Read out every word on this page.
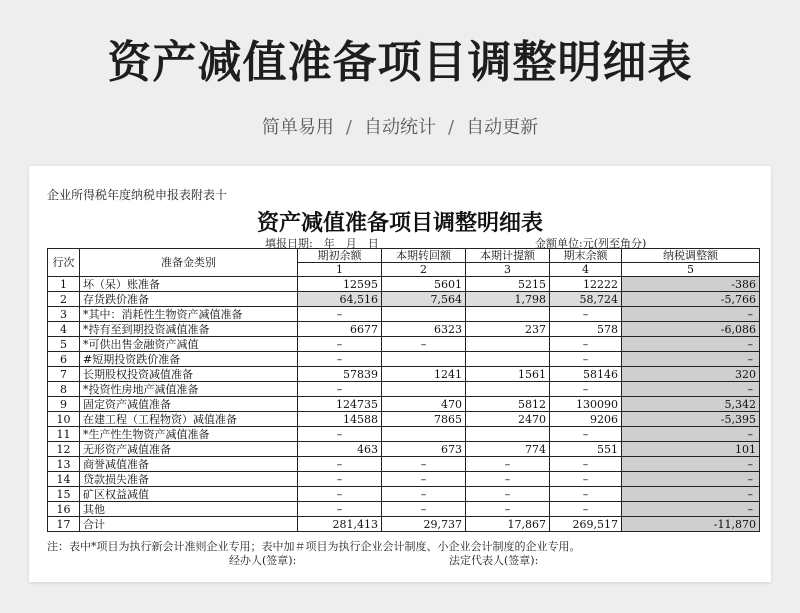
资产减值准备项目调整明细表
简单易用 / 自动统计 / 自动更新
企业所得税年度纳税申报表附表十
资产减值准备项目调整明细表
填报日期:　年　月　日	金额单位:元(列至角分)
行次	准备金类别	期初余额	本期转回额	本期计提额	期末余额	纳税调整额
		1	2	3	4	5
1	坏（呆）账准备	12595	5601	5215	12222	-386
2	存货跌价准备	64,516	7,564	1,798	58,724	-5,766
3	*其中：消耗性生物资产减值准备	–			–	–
4	*持有至到期投资减值准备	6677	6323	237	578	-6,086
5	*可供出售金融资产减值	–	–		–	–
6	#短期投资跌价准备	–			–	–
7	长期股权投资减值准备	57839	1241	1561	58146	320
8	*投资性房地产减值准备	–			–	–
9	固定资产减值准备	124735	470	5812	130090	5,342
10	在建工程（工程物资）减值准备	14588	7865	2470	9206	-5,395
11	*生产性生物资产减值准备	–			–	–
12	无形资产减值准备	463	673	774	551	101
13	商誉减值准备	–	–	–	–	–
14	贷款损失准备	–	–	–	–	–
15	矿区权益减值	–	–	–	–	–
16	其他	–	–	–	–	–
17	合计	281,413	29,737	17,867	269,517	-11,870
注：表中*项目为执行新会计准则企业专用；表中加＃项目为执行企业会计制度、小企业会计制度的企业专用。
经办人(签章):	法定代表人(签章):
